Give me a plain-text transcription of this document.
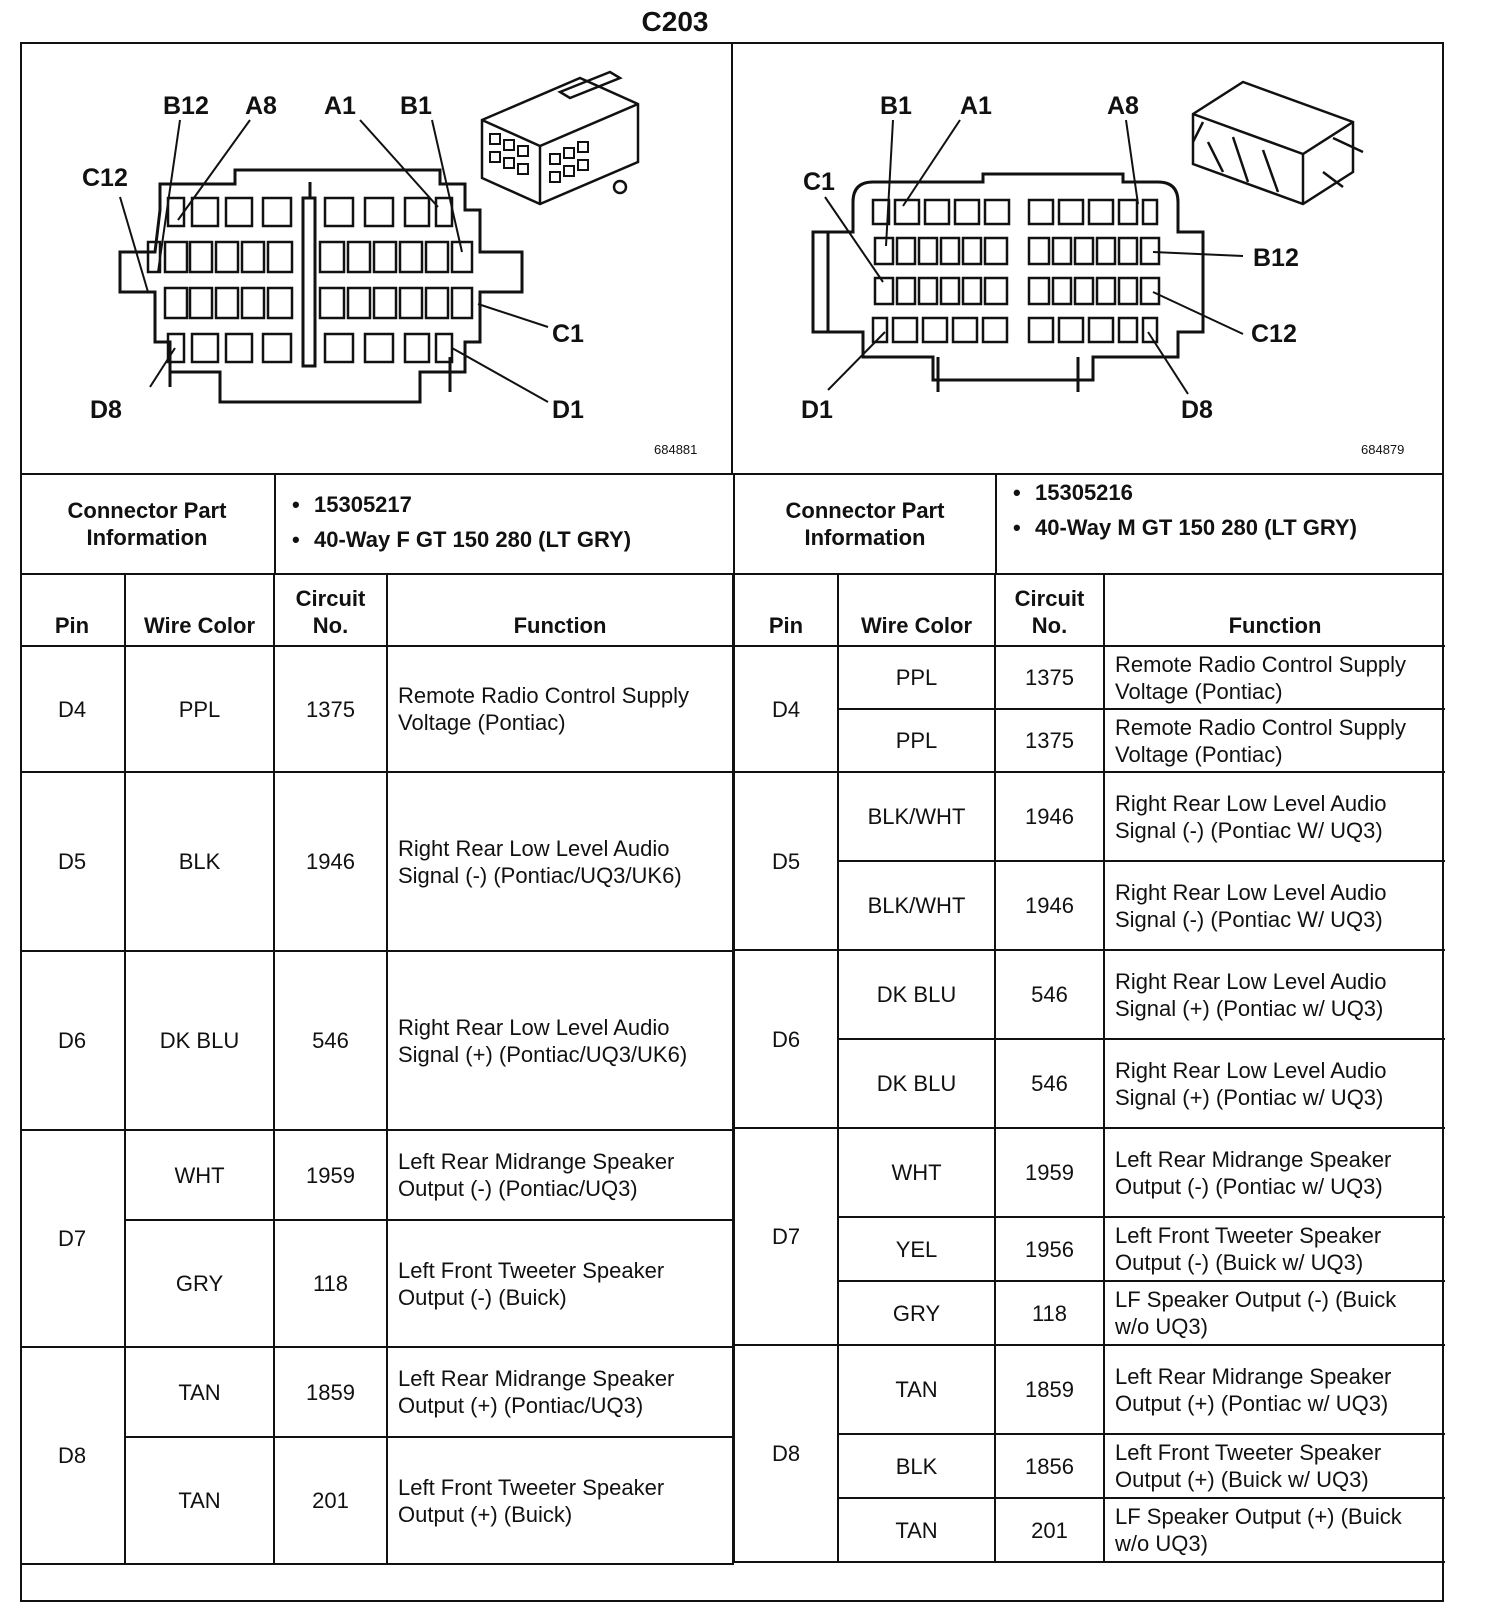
C203
B12 A8 A1 B1
C12
C1
D8	D1
684881
B1 A1	A8
C1
B12
C12
D1	D8
684879
Connector Part Information
• 15305217
• 40-Way F GT 150 280 (LT GRY)
Connector Part Information
• 15305216
• 40-Way M GT 150 280 (LT GRY)
Pin	Wire Color	Circuit No.	Function
D4	PPL	1375	Remote Radio Control Supply Voltage (Pontiac)
D5	BLK	1946	Right Rear Low Level Audio Signal (-) (Pontiac/UQ3/UK6)
D6	DK BLU	546	Right Rear Low Level Audio Signal (+) (Pontiac/UQ3/UK6)
D7	WHT	1959	Left Rear Midrange Speaker Output (-) (Pontiac/UQ3)
	GRY	118	Left Front Tweeter Speaker Output (-) (Buick)
D8	TAN	1859	Left Rear Midrange Speaker Output (+) (Pontiac/UQ3)
	TAN	201	Left Front Tweeter Speaker Output (+) (Buick)
Pin	Wire Color	Circuit No.	Function
D4	PPL	1375	Remote Radio Control Supply Voltage (Pontiac)
	PPL	1375	Remote Radio Control Supply Voltage (Pontiac)
D5	BLK/WHT	1946	Right Rear Low Level Audio Signal (-) (Pontiac W/ UQ3)
	BLK/WHT	1946	Right Rear Low Level Audio Signal (-) (Pontiac W/ UQ3)
D6	DK BLU	546	Right Rear Low Level Audio Signal (+) (Pontiac w/ UQ3)
	DK BLU	546	Right Rear Low Level Audio Signal (+) (Pontiac w/ UQ3)
D7	WHT	1959	Left Rear Midrange Speaker Output (-) (Pontiac w/ UQ3)
	YEL	1956	Left Front Tweeter Speaker Output (-) (Buick w/ UQ3)
	GRY	118	LF Speaker Output (-) (Buick w/o UQ3)
D8	TAN	1859	Left Rear Midrange Speaker Output (+) (Pontiac w/ UQ3)
	BLK	1856	Left Front Tweeter Speaker Output (+) (Buick w/ UQ3)
	TAN	201	LF Speaker Output (+) (Buick w/o UQ3)
